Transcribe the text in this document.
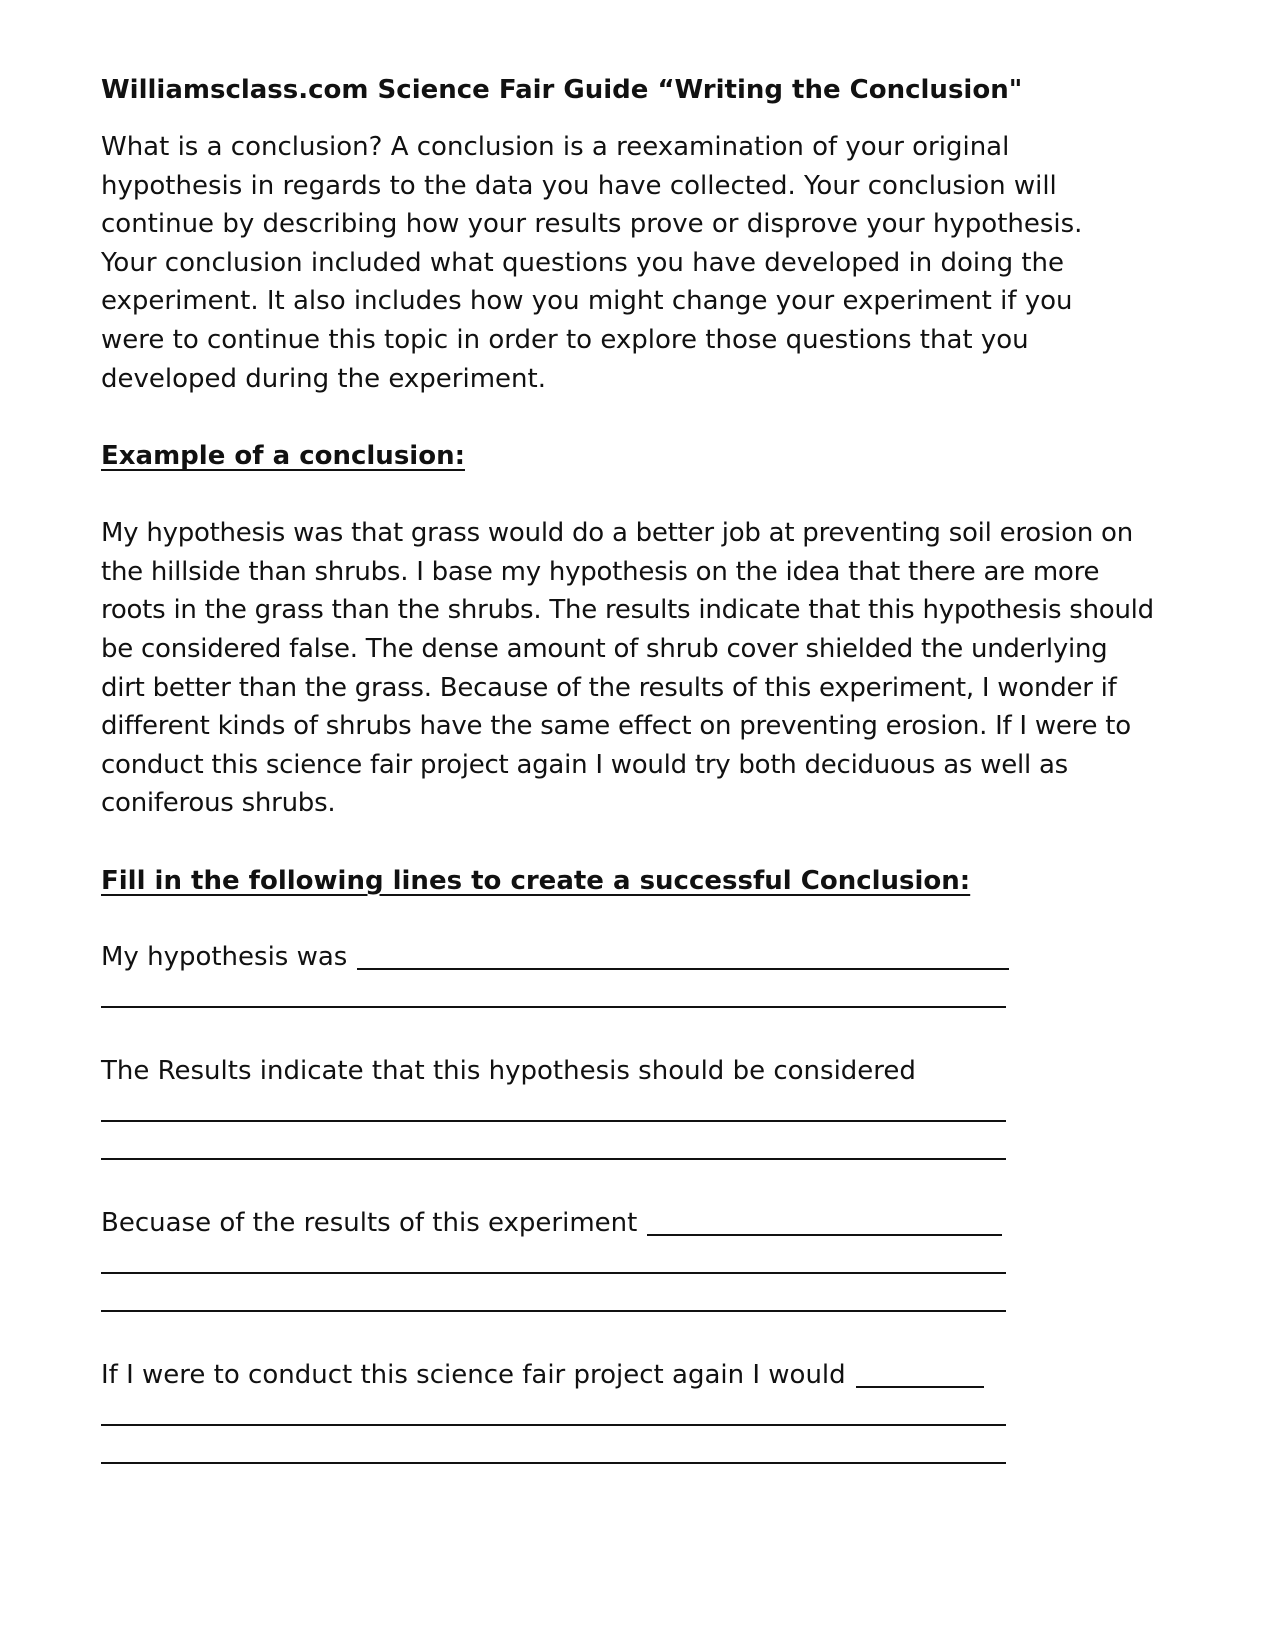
Williamsclass.com Science Fair Guide “Writing the Conclusion"

What is a conclusion? A conclusion is a reexamination of your original hypothesis in regards to the data you have collected. Your conclusion will continue by describing how your results prove or disprove your hypothesis. Your conclusion included what questions you have developed in doing the experiment. It also includes how you might change your experiment if you were to continue this topic in order to explore those questions that you developed during the experiment.

Example of a conclusion:

My hypothesis was that grass would do a better job at preventing soil erosion on the hillside than shrubs. I base my hypothesis on the idea that there are more roots in the grass than the shrubs. The results indicate that this hypothesis should be considered false. The dense amount of shrub cover shielded the underlying dirt better than the grass. Because of the results of this experiment, I wonder if different kinds of shrubs have the same effect on preventing erosion. If I were to conduct this science fair project again I would try both deciduous as well as coniferous shrubs.

Fill in the following lines to create a successful Conclusion:
My hypothesis was
The Results indicate that this hypothesis should be considered
Becuase of the results of this experiment
If I were to conduct this science fair project again I would
